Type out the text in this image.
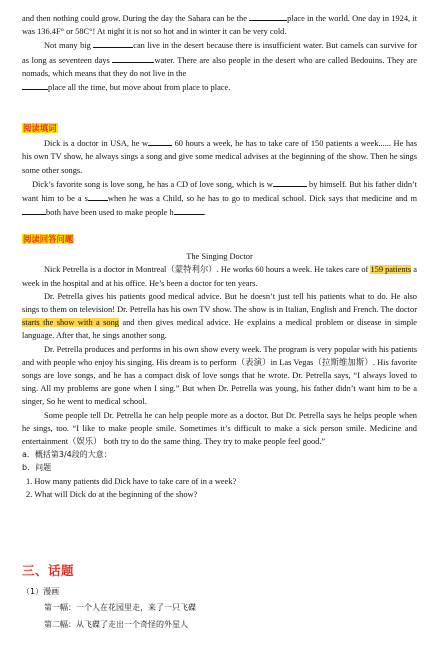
and then nothing could grow. During the day the Sahara can be the	place in the world. One day in 1924, it was 136.4F° or 58C°! At night it is not so hot and in winter it can be very cold.

Not many big	can live in the desert because there is insufficient water. But camels can survive for as long as seventeen days	water. There are also people in the desert who are called Bedouins. They are nomads, which means that they do not live in the
place all the time, but move about from place to place.

阅读填词

Dick is a doctor in USA, he w	60 hours a week, he has to take care of 150 patients a week...... He has his own TV show, he always sings a song and give some medical advises at the beginning of the show. Then he sings some other songs.

Dick’s favorite song is love song, he has a CD of love song, which is w	by himself. But his father didn’t want him to be a s when he was a Child, so he has to go to medical school. Dick says that medicine and mboth have been used to make people h	.

阅读回答问题
The Singing Doctor

Nick Petrella is a doctor in Montreal（蒙特利尔）. He works 60 hours a week. He takes care of 159 patients a week in the hospital and at his office. He’s been a doctor for ten years.

Dr. Petrella gives his patients good medical advice. But he doesn’t just tell his patients what to do. He also sings to them on television! Dr. Petrella has his own TV show. The show is in Italian, English and French. The doctor starts the show with a song and then gives medical advice. He explains a medical problem or disease in simple language. After that, he sings another song.

Dr. Petrella produces and performs in his own show every week. The program is very popular with his patients and with people who enjoy his singing. His dream is to perform（表演）in Las Vegas（拉斯维加斯）. His favorite songs are love songs, and he has a compact disk of love songs that he wrote. Dr. Petrella says, “I always loved to sing. All my problems are gone when I sing.” But when Dr. Petrella was young, his father didn’t want him to be a singer, So he went to medical school.

Some people tell Dr. Petrella he can help people more as a doctor. But Dr. Petrella says he helps people when he sings, too. “I like to make people smile. Sometimes it’s difficult to make a sick person smile. Medicine and entertainment（娱乐） both try to do the same thing. They try to make people feel good.”

a．概括第3/4段的大意：
b．问题
1. How many patients did Dick have to take care of in a week?
2. What will Dick do at the beginning of the show?
三、话题
（1）漫画
第一幅：一个人在花园里走，来了一只飞碟
第二幅：从飞碟了走出一个奇怪的外星人
